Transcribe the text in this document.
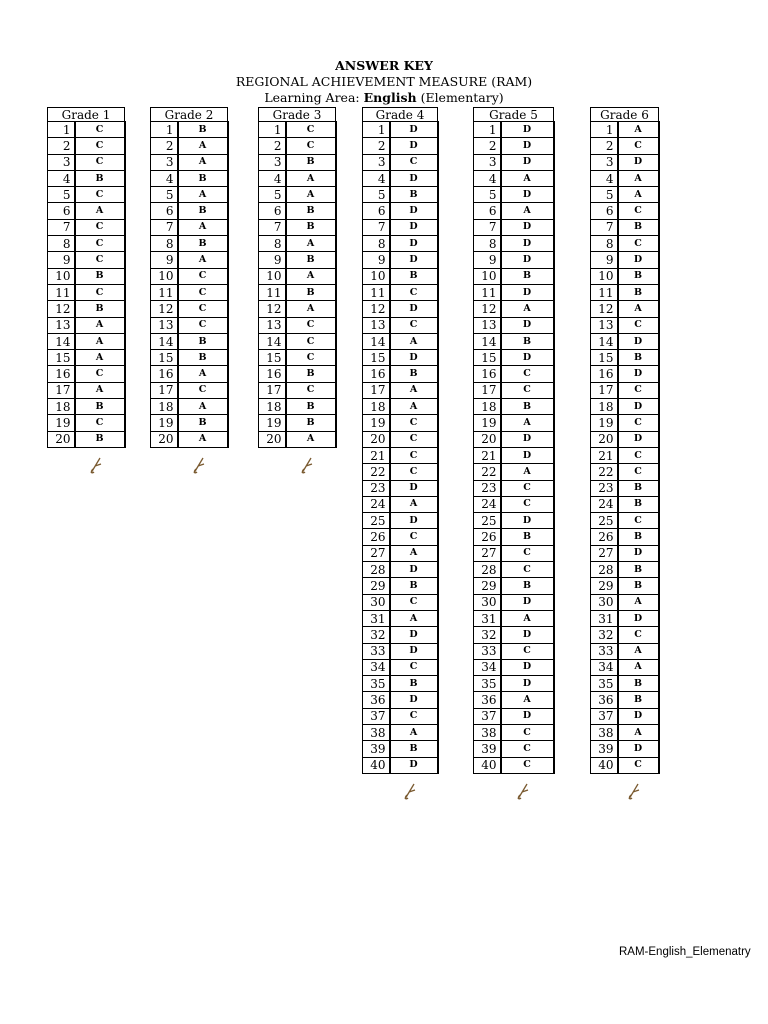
ANSWER KEY
REGIONAL ACHIEVEMENT MEASURE (RAM)
Learning Area: English (Elementary)
Grade 1	
1	C
2	C
3	C
4	B
5	C
6	A
7	C
8	C
9	C
10	B
11	C
12	B
13	A
14	A
15	A
16	C
17	A
18	B
19	C
20	B
Grade 2	
1	B
2	A
3	A
4	B
5	A
6	B
7	A
8	B
9	A
10	C
11	C
12	C
13	C
14	B
15	B
16	A
17	C
18	A
19	B
20	A
Grade 3	
1	C
2	C
3	B
4	A
5	A
6	B
7	B
8	A
9	B
10	A
11	B
12	A
13	C
14	C
15	C
16	B
17	C
18	B
19	B
20	A
Grade 4	
1	D
2	D
3	C
4	D
5	B
6	D
7	D
8	D
9	D
10	B
11	C
12	D
13	C
14	A
15	D
16	B
17	A
18	A
19	C
20	C
21	C
22	C
23	D
24	A
25	D
26	C
27	A
28	D
29	B
30	C
31	A
32	D
33	D
34	C
35	B
36	D
37	C
38	A
39	B
40	D
Grade 5	
1	D
2	D
3	D
4	A
5	D
6	A
7	D
8	D
9	D
10	B
11	D
12	A
13	D
14	B
15	D
16	C
17	C
18	B
19	A
20	D
21	D
22	A
23	C
24	C
25	D
26	B
27	C
28	C
29	B
30	D
31	A
32	D
33	C
34	D
35	D
36	A
37	D
38	C
39	C
40	C
Grade 6	
1	A
2	C
3	D
4	A
5	A
6	C
7	B
8	C
9	D
10	B
11	B
12	A
13	C
14	D
15	B
16	D
17	C
18	D
19	C
20	D
21	C
22	C
23	B
24	B
25	C
26	B
27	D
28	B
29	B
30	A
31	D
32	C
33	A
34	A
35	B
36	B
37	D
38	A
39	D
40	C
RAM-English_Elemenatry
